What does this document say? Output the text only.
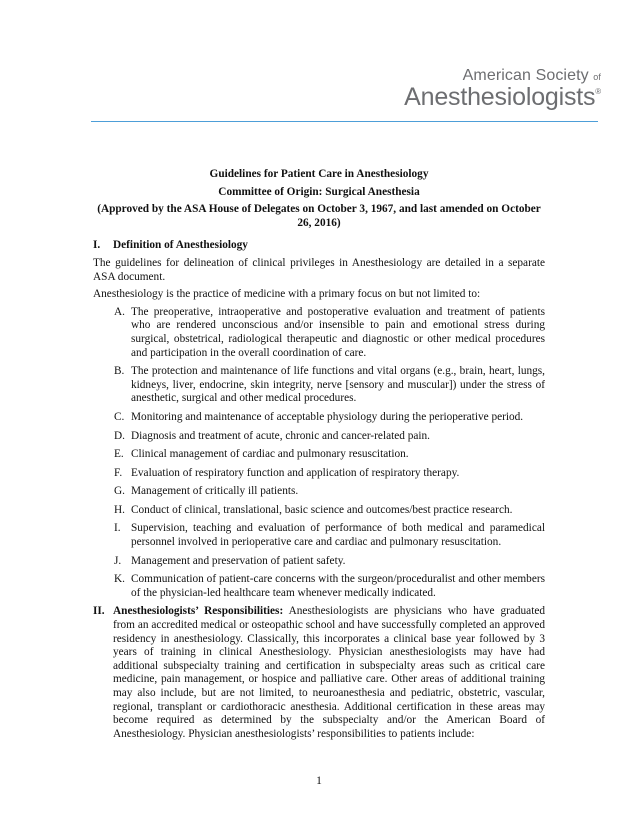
American Society of
Anesthesiologists®
Guidelines for Patient Care in Anesthesiology
Committee of Origin: Surgical Anesthesia
(Approved by the ASA House of Delegates on October 3, 1967, and last amended on October 26, 2016)
I.	Definition of Anesthesiology

The guidelines for delineation of clinical privileges in Anesthesiology are detailed in a separate ASA document.

Anesthesiology is the practice of medicine with a primary focus on but not limited to:

A. The preoperative, intraoperative and postoperative evaluation and treatment of patients who are rendered unconscious and/or insensible to pain and emotional stress during surgical, obstetrical, radiological therapeutic and diagnostic or other medical procedures and participation in the overall coordination of care.
B. The protection and maintenance of life functions and vital organs (e.g., brain, heart, lungs, kidneys, liver, endocrine, skin integrity, nerve [sensory and muscular]) under the stress of anesthetic, surgical and other medical procedures.
C. Monitoring and maintenance of acceptable physiology during the perioperative period.
D. Diagnosis and treatment of acute, chronic and cancer-related pain.
E. Clinical management of cardiac and pulmonary resuscitation.
F. Evaluation of respiratory function and application of respiratory therapy.
G. Management of critically ill patients.
H. Conduct of clinical, translational, basic science and outcomes/best practice research.
I. Supervision, teaching and evaluation of performance of both medical and paramedical personnel involved in perioperative care and cardiac and pulmonary resuscitation.
J. Management and preservation of patient safety.
K. Communication of patient-care concerns with the surgeon/proceduralist and other members of the physician-led healthcare team whenever medically indicated.
II. Anesthesiologists’ Responsibilities: Anesthesiologists are physicians who have graduated from an accredited medical or osteopathic school and have successfully completed an approved residency in anesthesiology. Classically, this incorporates a clinical base year followed by 3 years of training in clinical Anesthesiology. Physician anesthesiologists may have had additional subspecialty training and certification in subspecialty areas such as critical care medicine, pain management, or hospice and palliative care. Other areas of additional training may also include, but are not limited, to neuroanesthesia and pediatric, obstetric, vascular, regional, transplant or cardiothoracic anesthesia. Additional certification in these areas may become required as determined by the subspecialty and/or the American Board of Anesthesiology. Physician anesthesiologists’ responsibilities to patients include:
1
